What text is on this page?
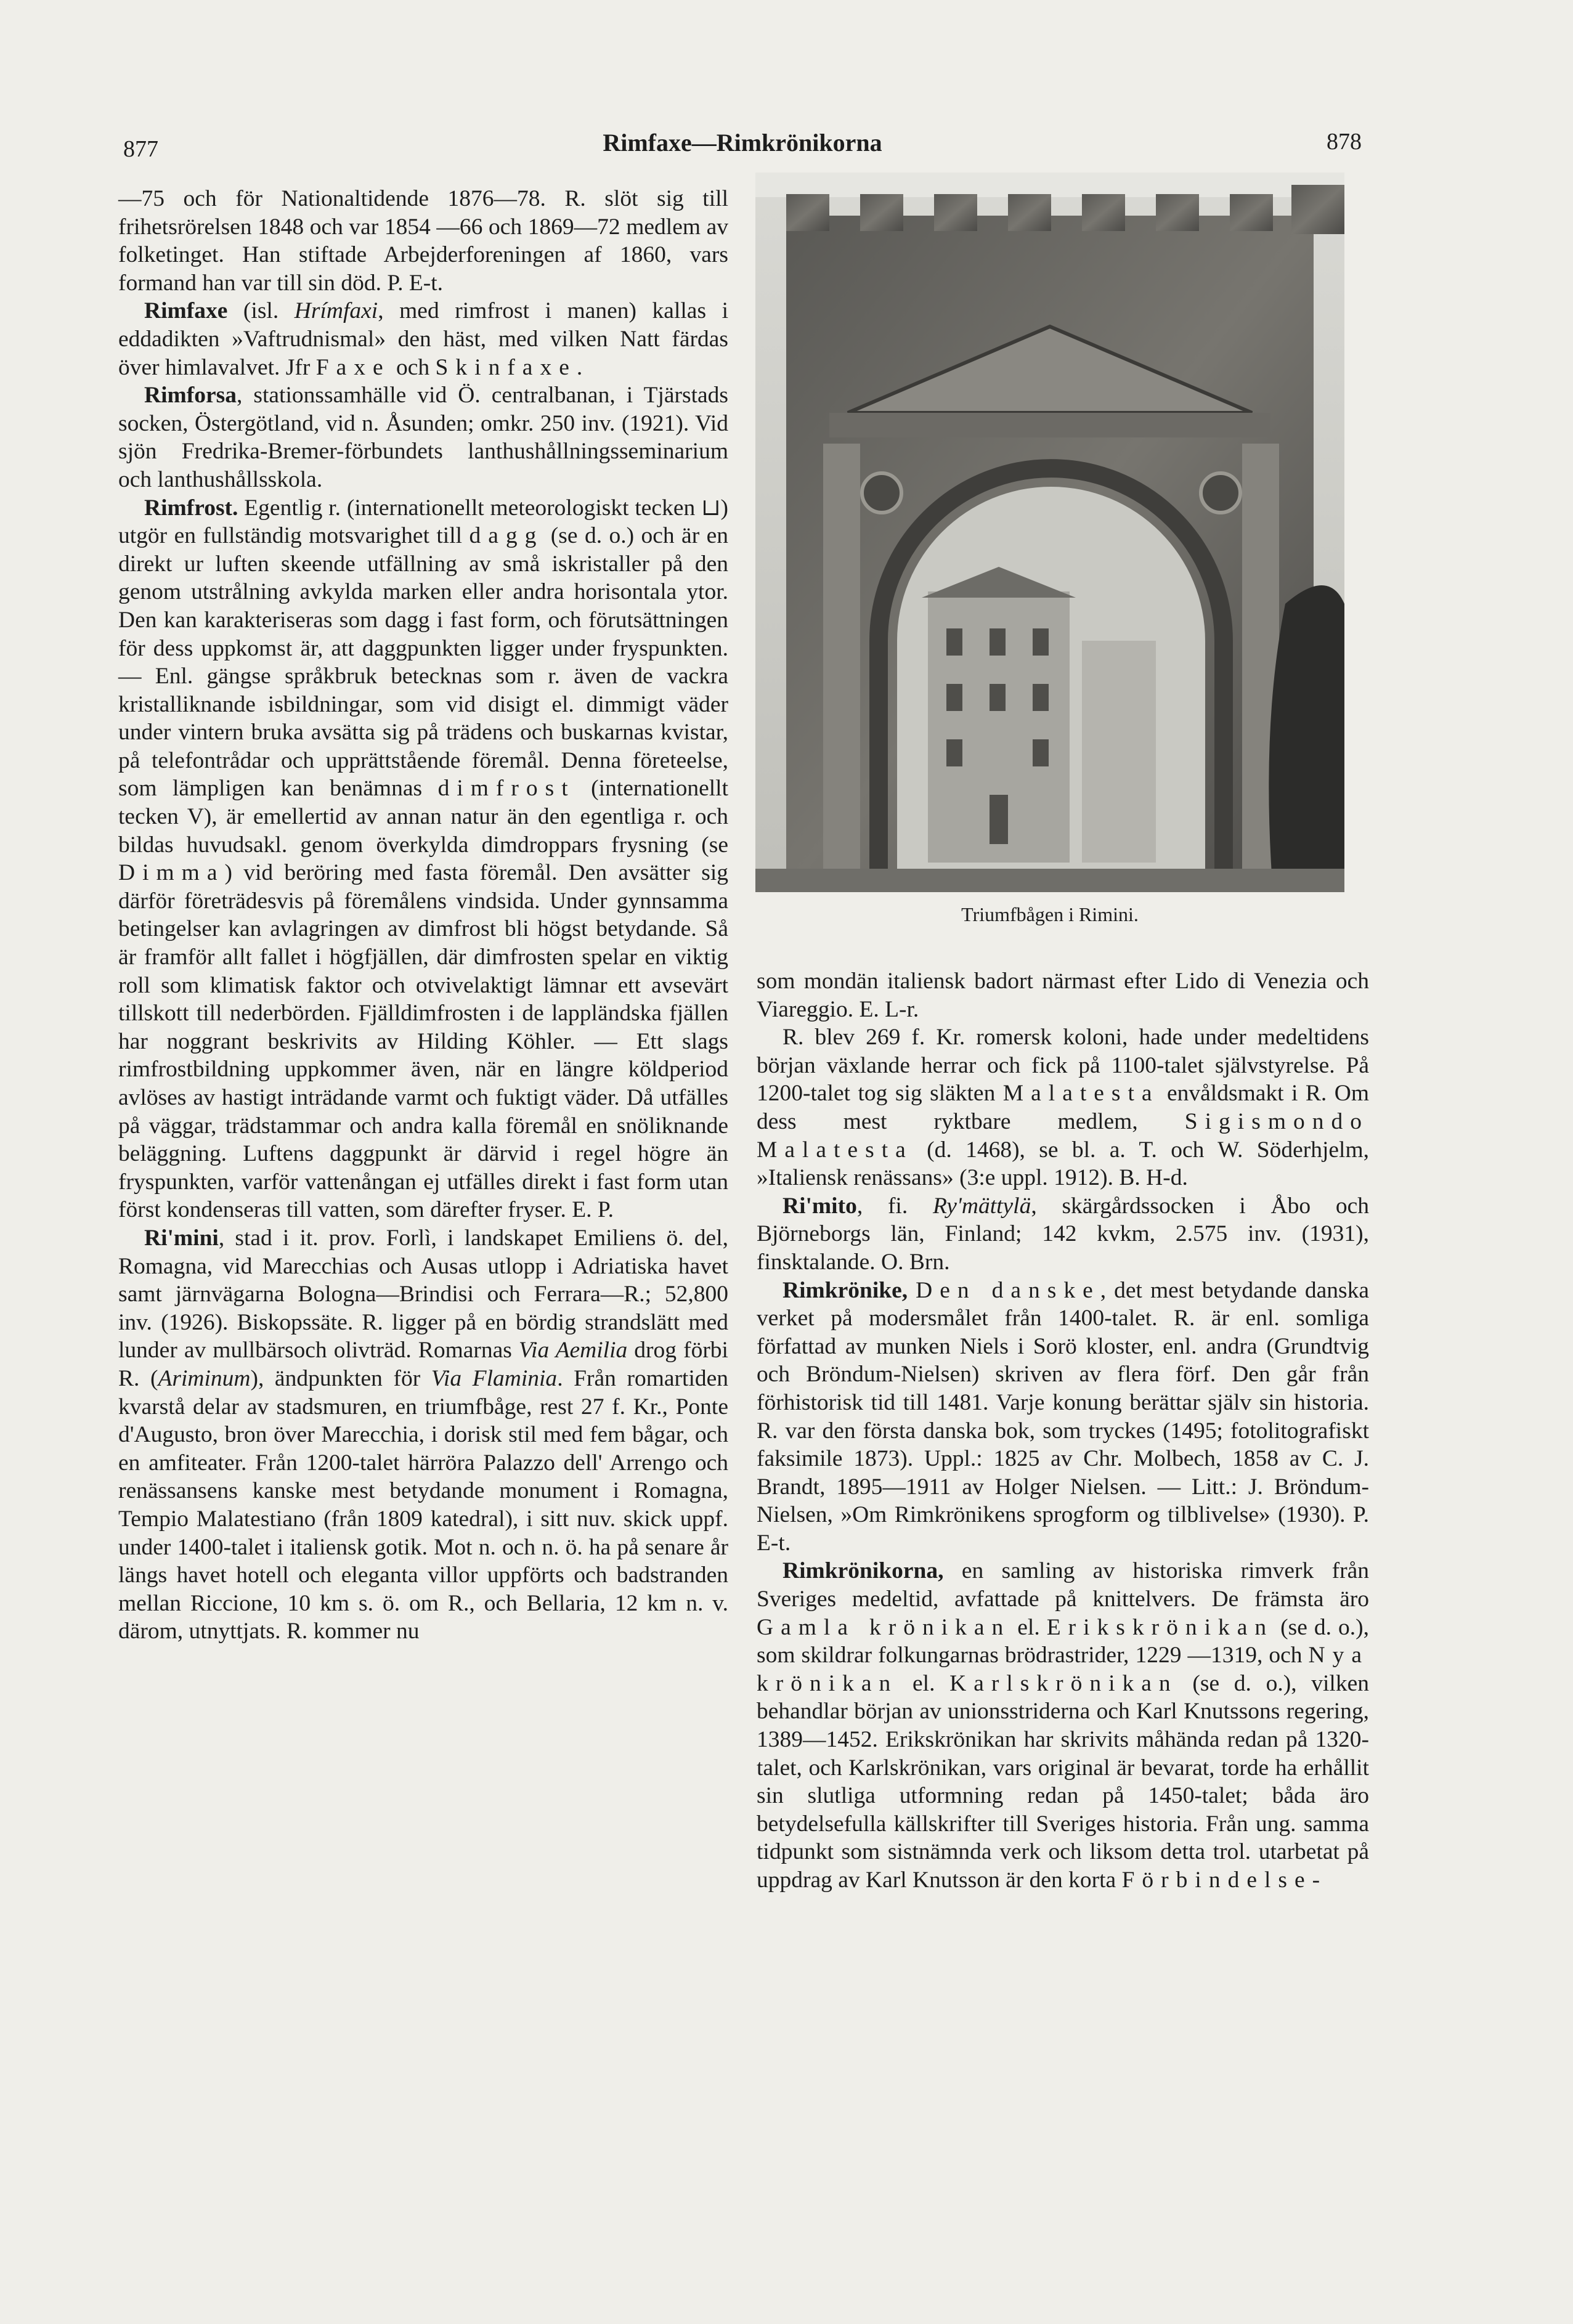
877	Rimfaxe—Rimkrönikorna	878

—75 och för Nationaltidende 1876—78. R. slöt sig till frihetsrörelsen 1848 och var 1854 —66 och 1869—72 medlem av folketinget. Han stiftade Arbejderforeningen af 1860, vars formand han var till sin död. P. E-t.

Rimfaxe (isl. Hrímfaxi, med rimfrost i manen) kallas i eddadikten »Vaftrudnismal» den häst, med vilken Natt färdas över himlavalvet. Jfr Faxe och Skinfaxe.

Rimforsa, stationssamhälle vid Ö. centralbanan, i Tjärstads socken, Östergötland, vid n. Åsunden; omkr. 250 inv. (1921). Vid sjön Fredrika-Bremer-förbundets lanthushållningsseminarium och lanthushållsskola.

Rimfrost. Egentlig r. (internationellt meteorologiskt tecken ⊔) utgör en fullständig motsvarighet till dagg (se d. o.) och är en direkt ur luften skeende utfällning av små iskristaller på den genom utstrålning avkylda marken eller andra horisontala ytor. Den kan karakteriseras som dagg i fast form, och förutsättningen för dess uppkomst är, att daggpunkten ligger under fryspunkten. — Enl. gängse språkbruk betecknas som r. även de vackra kristalliknande isbildningar, som vid disigt el. dimmigt väder under vintern brukа avsätta sig på trädens och buskarnas kvistar, på telefontrådar och upprättstående föremål. Denna företeelse, som lämpligen kan benämnas dimfrost (internationellt tecken V), är emellertid av annan natur än den egentliga r. och bildas huvudsakl. genom överkylda dimdroppars frysning (se Dimma) vid beröring med fasta föremål. Den avsätter sig därför företrädesvis på föremålens vindsida. Under gynnsamma betingelser kan avlagringen av dimfrost bli högst betydande. Så är framför allt fallet i högfjällen, där dimfrosten spelar en viktig roll som klimatisk faktor och otvivelaktigt lämnar ett avsevärt tillskott till nederbörden. Fjälldimfrosten i de lappländska fjällen har noggrant beskrivits av Hilding Köhler. — Ett slags rimfrostbildning uppkommer även, när en längre köldperiod avlöses av hastigt inträdande varmt och fuktigt väder. Då utfälles på väggar, trädstammar och andra kalla föremål en snöliknande beläggning. Luftens daggpunkt är därvid i regel högre än fryspunkten, varför vattenångan ej utfälles direkt i fast form utan först kondenseras till vatten, som därefter fryser. E. P.

Ri'mini, stad i it. prov. Forlì, i landskapet Emiliens ö. del, Romagna, vid Marecchias och Ausas utlopp i Adriatiska havet samt järnvägarna Bologna—Brindisi och Ferrara—R.; 52,800 inv. (1926). Biskopssäte. R. ligger på en bördig strandslätt med lunder av mullbärsoch olivträd. Romarnas Via Aemilia drog förbi R. (Ariminum), ändpunkten för Via Flaminia. Från romartiden kvarstå delar av stadsmuren, en triumfbåge, rest 27 f. Kr., Ponte d'Augusto, bron över Marecchia, i dorisk stil med fem bågar, och en amfiteater. Från 1200-talet härröra Palazzo dell' Arrengo och renässansens kanske mest betydande monument i Romagna, Tempio Malatestiano (från 1809 katedral), i sitt nuv. skick uppf. under 1400-talet i italiensk gotik. Mot n. och n. ö. ha på senare år längs havet hotell och eleganta villor uppförts och badstranden mellan Riccione, 10 km s. ö. om R., och Bellaria, 12 km n. v. därom, utnyttjats. R. kommer nu

Triumfbågen i Rimini.

som mondän italiensk badort närmast efter Lido di Venezia och Viareggio. E. L-r.

R. blev 269 f. Kr. romersk koloni, hade under medeltidens början växlande herrar och fick på 1100-talet självstyrelse. På 1200-talet tog sig släkten Malatesta envåldsmakt i R. Om dess mest ryktbare medlem, Sigismondo Malatesta (d. 1468), se bl. a. T. och W. Söderhjelm, »Italiensk renässans» (3:e uppl. 1912). B. H-d.

Ri'mito, fi. Ry'mättylä, skärgårdssocken i Åbo och Björneborgs län, Finland; 142 kvkm, 2.575 inv. (1931), finsktalande. O. Brn.

Rimkrönike, Den danske, det mest betydande danska verket på modersmålet från 1400-talet. R. är enl. somliga författad av munken Niels i Sorö kloster, enl. andra (Grundtvig och Bröndum-Nielsen) skriven av flera förf. Den går från förhistorisk tid till 1481. Varje konung berättar själv sin historia. R. var den första danska bok, som tryckes (1495; fotolitografiskt faksimile 1873). Uppl.: 1825 av Chr. Molbech, 1858 av C. J. Brandt, 1895—1911 av Holger Nielsen. — Litt.: J. Bröndum-Nielsen, »Om Rimkrönikens sprogform og tilblivelse» (1930). P. E-t.

Rimkrönikorna, en samling av historiska rimverk från Sveriges medeltid, avfattade på knittelvers. De främsta äro Gamla krönikan el. Erikskrönikan (se d. o.), som skildrar folkungarnas brödrastrider, 1229 —1319, och Nya krönikan el. Karlskrönikan (se d. o.), vilken behandlar början av unionsstriderna och Karl Knutssons regering, 1389—1452. Erikskrönikan har skrivits måhända redan på 1320-talet, och Karlskrönikan, vars original är bevarat, torde ha erhållit sin slutliga utformning redan på 1450-talet; båda äro betydelsefulla källskrifter till Sveriges historia. Från ung. samma tidpunkt som sistnämnda verk och liksom detta trol. utarbetat på uppdrag av Karl Knutsson är den korta Förbindelse-
